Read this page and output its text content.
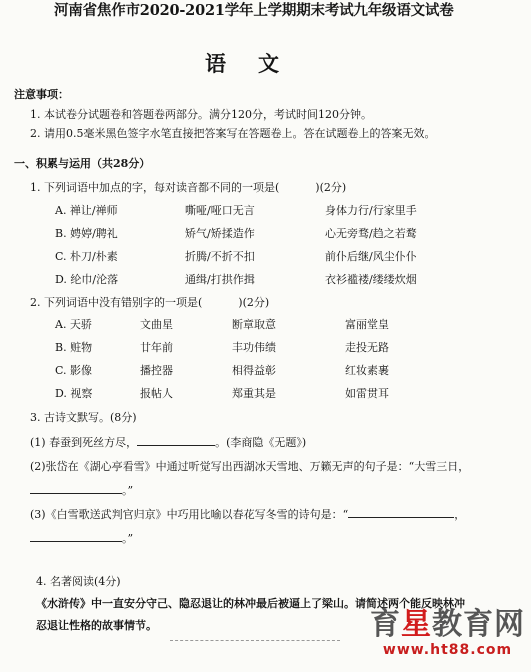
河南省焦作市2020-2021学年上学期期末考试九年级语文试卷
语文
注意事项：
1. 本试卷分试题卷和答题卷两部分。满分120分，考试时间120分钟。
2. 请用0.5毫米黑色签字水笔直接把答案写在答题卷上。答在试题卷上的答案无效。
一、积累与运用（共28分）
1. 下列词语中加点的字，每对读音都不同的一项是(	)(2分)
A. 禅让/禅师	嘶哑/哑口无言	身体力行/行家里手
B. 娉婷/聘礼	矫气/矫揉造作	心无旁骛/趋之若鹜
C. 朴刀/朴素	折腾/不折不扣	前仆后继/风尘仆仆
D. 纶巾/沦落	通缉/打拱作揖	衣衫褴褛/缕缕炊烟
2. 下列词语中没有错别字的一项是(	)(2分)
A. 天骄	文曲星	断章取意	富丽堂皇
B. 赃物	廿年前	丰功伟绩	走投无路
C. 影像	播控器	相得益彰	红妆素裹
D. 视察	报帖人	郑重其是	如雷贯耳
3. 古诗文默写。(8分)
(1) 春蚕到死丝方尽，	。(李商隐《无题》)
(2)张岱在《湖心亭看雪》中通过听觉写出西湖冰天雪地、万籁无声的句子是：“大雪三日，
。”
(3)《白雪歌送武判官归京》中巧用比喻以春花写冬雪的诗句是：“	，
。”
4. 名著阅读(4分)
《水浒传》中一直安分守己、隐忍退让的林冲最后被逼上了梁山。请简述两个能反映林冲
忍退让性格的故事情节。	育星教育网
www.ht88.com
